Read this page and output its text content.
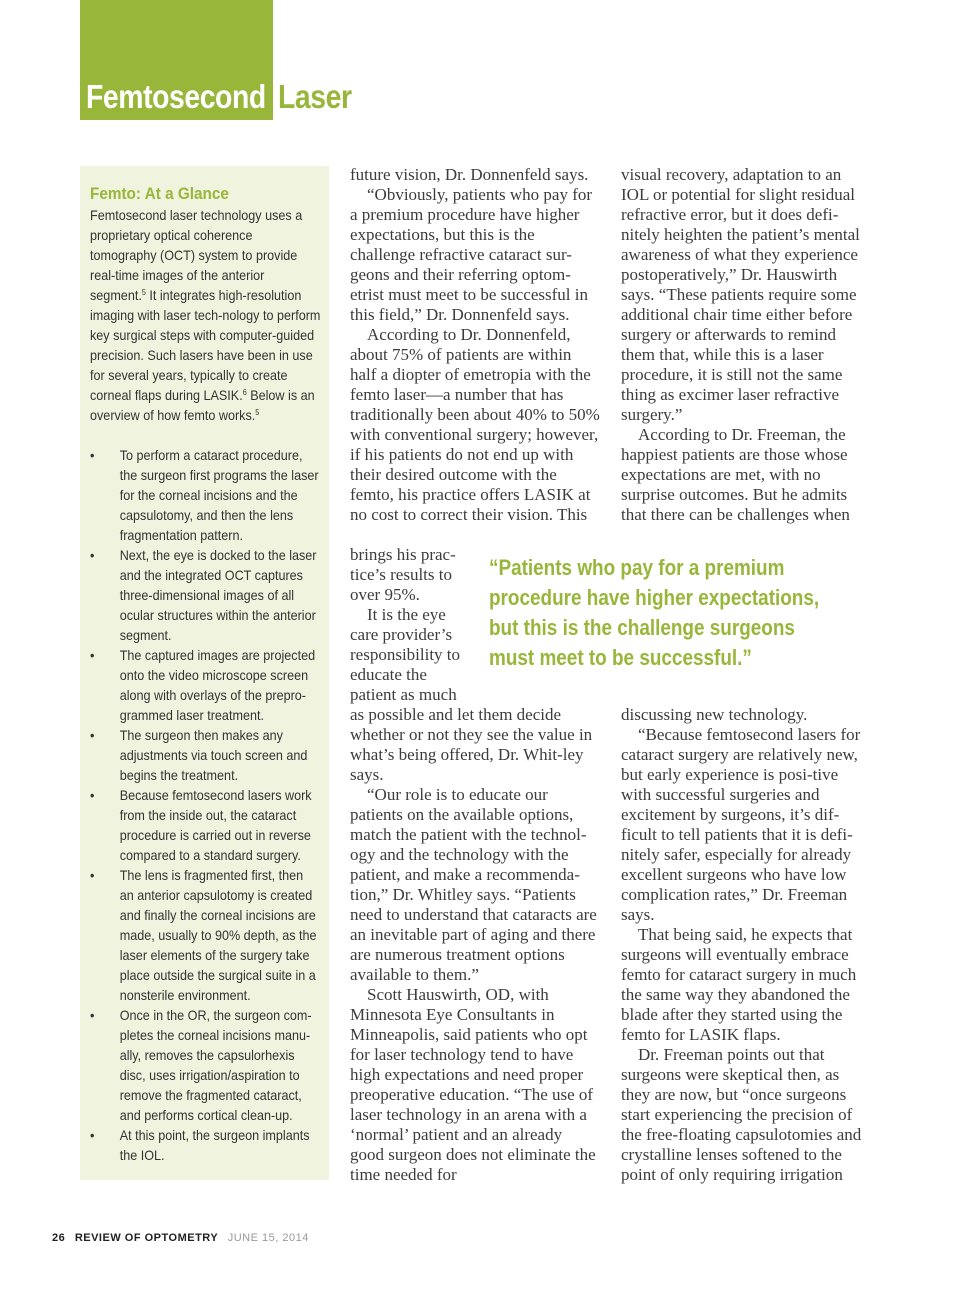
Femtosecond Laser
Femto: At a Glance
Femtosecond laser technology uses a proprietary optical coherence tomography (OCT) system to provide real-time images of the anterior segment.$^5$ It integrates high-resolution imaging with laser tech-nology to perform key surgical steps with computer-guided precision. Such lasers have been in use for several years, typically to create corneal flaps during LASIK.$^6$ Below is an overview of how femto works.$^5$
• To perform a cataract procedure, the surgeon first programs the laser for the corneal incisions and the capsulotomy, and then the lens fragmentation pattern.
• Next, the eye is docked to the laser and the integrated OCT captures three-dimensional images of all ocular structures within the anterior segment.
• The captured images are projected onto the video microscope screen along with overlays of the prepro-grammed laser treatment.
• The surgeon then makes any adjustments via touch screen and begins the treatment.
• Because femtosecond lasers work from the inside out, the cataract procedure is carried out in reverse compared to a standard surgery.
• The lens is fragmented first, then an anterior capsulotomy is created and finally the corneal incisions are made, usually to 90% depth, as the laser elements of the surgery take place outside the surgical suite in a nonsterile environment.
• Once in the OR, the surgeon com-pletes the corneal incisions manu-ally, removes the capsulorhexis disc, uses irrigation/aspiration to remove the fragmented cataract, and performs cortical clean-up.
• At this point, the surgeon implants the IOL.

future vision, Dr. Donnenfeld says.

“Obviously, patients who pay for a premium procedure have higher expectations, but this is the challenge refractive cataract sur-geons and their referring optom-etrist must meet to be successful in this field,” Dr. Donnenfeld says.

According to Dr. Donnenfeld, about 75% of patients are within half a diopter of emetropia with the femto laser—a number that has traditionally been about 40% to 50% with conventional surgery; however, if his patients do not end up with their desired outcome with the femto, his practice offers LASIK at no cost to correct their vision. This

brings his prac-tice’s results to over 95%.

It is the eye care provider’s responsibility to educate the patient as much

as possible and let them decide whether or not they see the value in what’s being offered, Dr. Whit-ley says.

“Our role is to educate our patients on the available options, match the patient with the technol-ogy and the technology with the patient, and make a recommenda-tion,” Dr. Whitley says. “Patients need to understand that cataracts are an inevitable part of aging and there are numerous treatment options available to them.”

Scott Hauswirth, OD, with Minnesota Eye Consultants in Minneapolis, said patients who opt for laser technology tend to have high expectations and need proper preoperative education. “The use of laser technology in an arena with a ‘normal’ patient and an already good surgeon does not eliminate the time needed for

visual recovery, adaptation to an IOL or potential for slight residual refractive error, but it does defi-nitely heighten the patient’s mental awareness of what they experience postoperatively,” Dr. Hauswirth says. “These patients require some additional chair time either before surgery or afterwards to remind them that, while this is a laser procedure, it is still not the same thing as excimer laser refractive surgery.”

According to Dr. Freeman, the happiest patients are those whose expectations are met, with no surprise outcomes. But he admits that there can be challenges when

“Patients who pay for a premium procedure have higher expectations, but this is the challenge surgeons must meet to be successful.”

discussing new technology.

“Because femtosecond lasers for cataract surgery are relatively new, but early experience is posi-tive with successful surgeries and excitement by surgeons, it’s dif-ficult to tell patients that it is defi-nitely safer, especially for already excellent surgeons who have low complication rates,” Dr. Freeman says.

That being said, he expects that surgeons will eventually embrace femto for cataract surgery in much the same way they abandoned the blade after they started using the femto for LASIK flaps.

Dr. Freeman points out that surgeons were skeptical then, as they are now, but “once surgeons start experiencing the precision of the free-floating capsulotomies and crystalline lenses softened to the point of only requiring irrigation

26 REVIEW OF OPTOMETRY JUNE 15, 2014
